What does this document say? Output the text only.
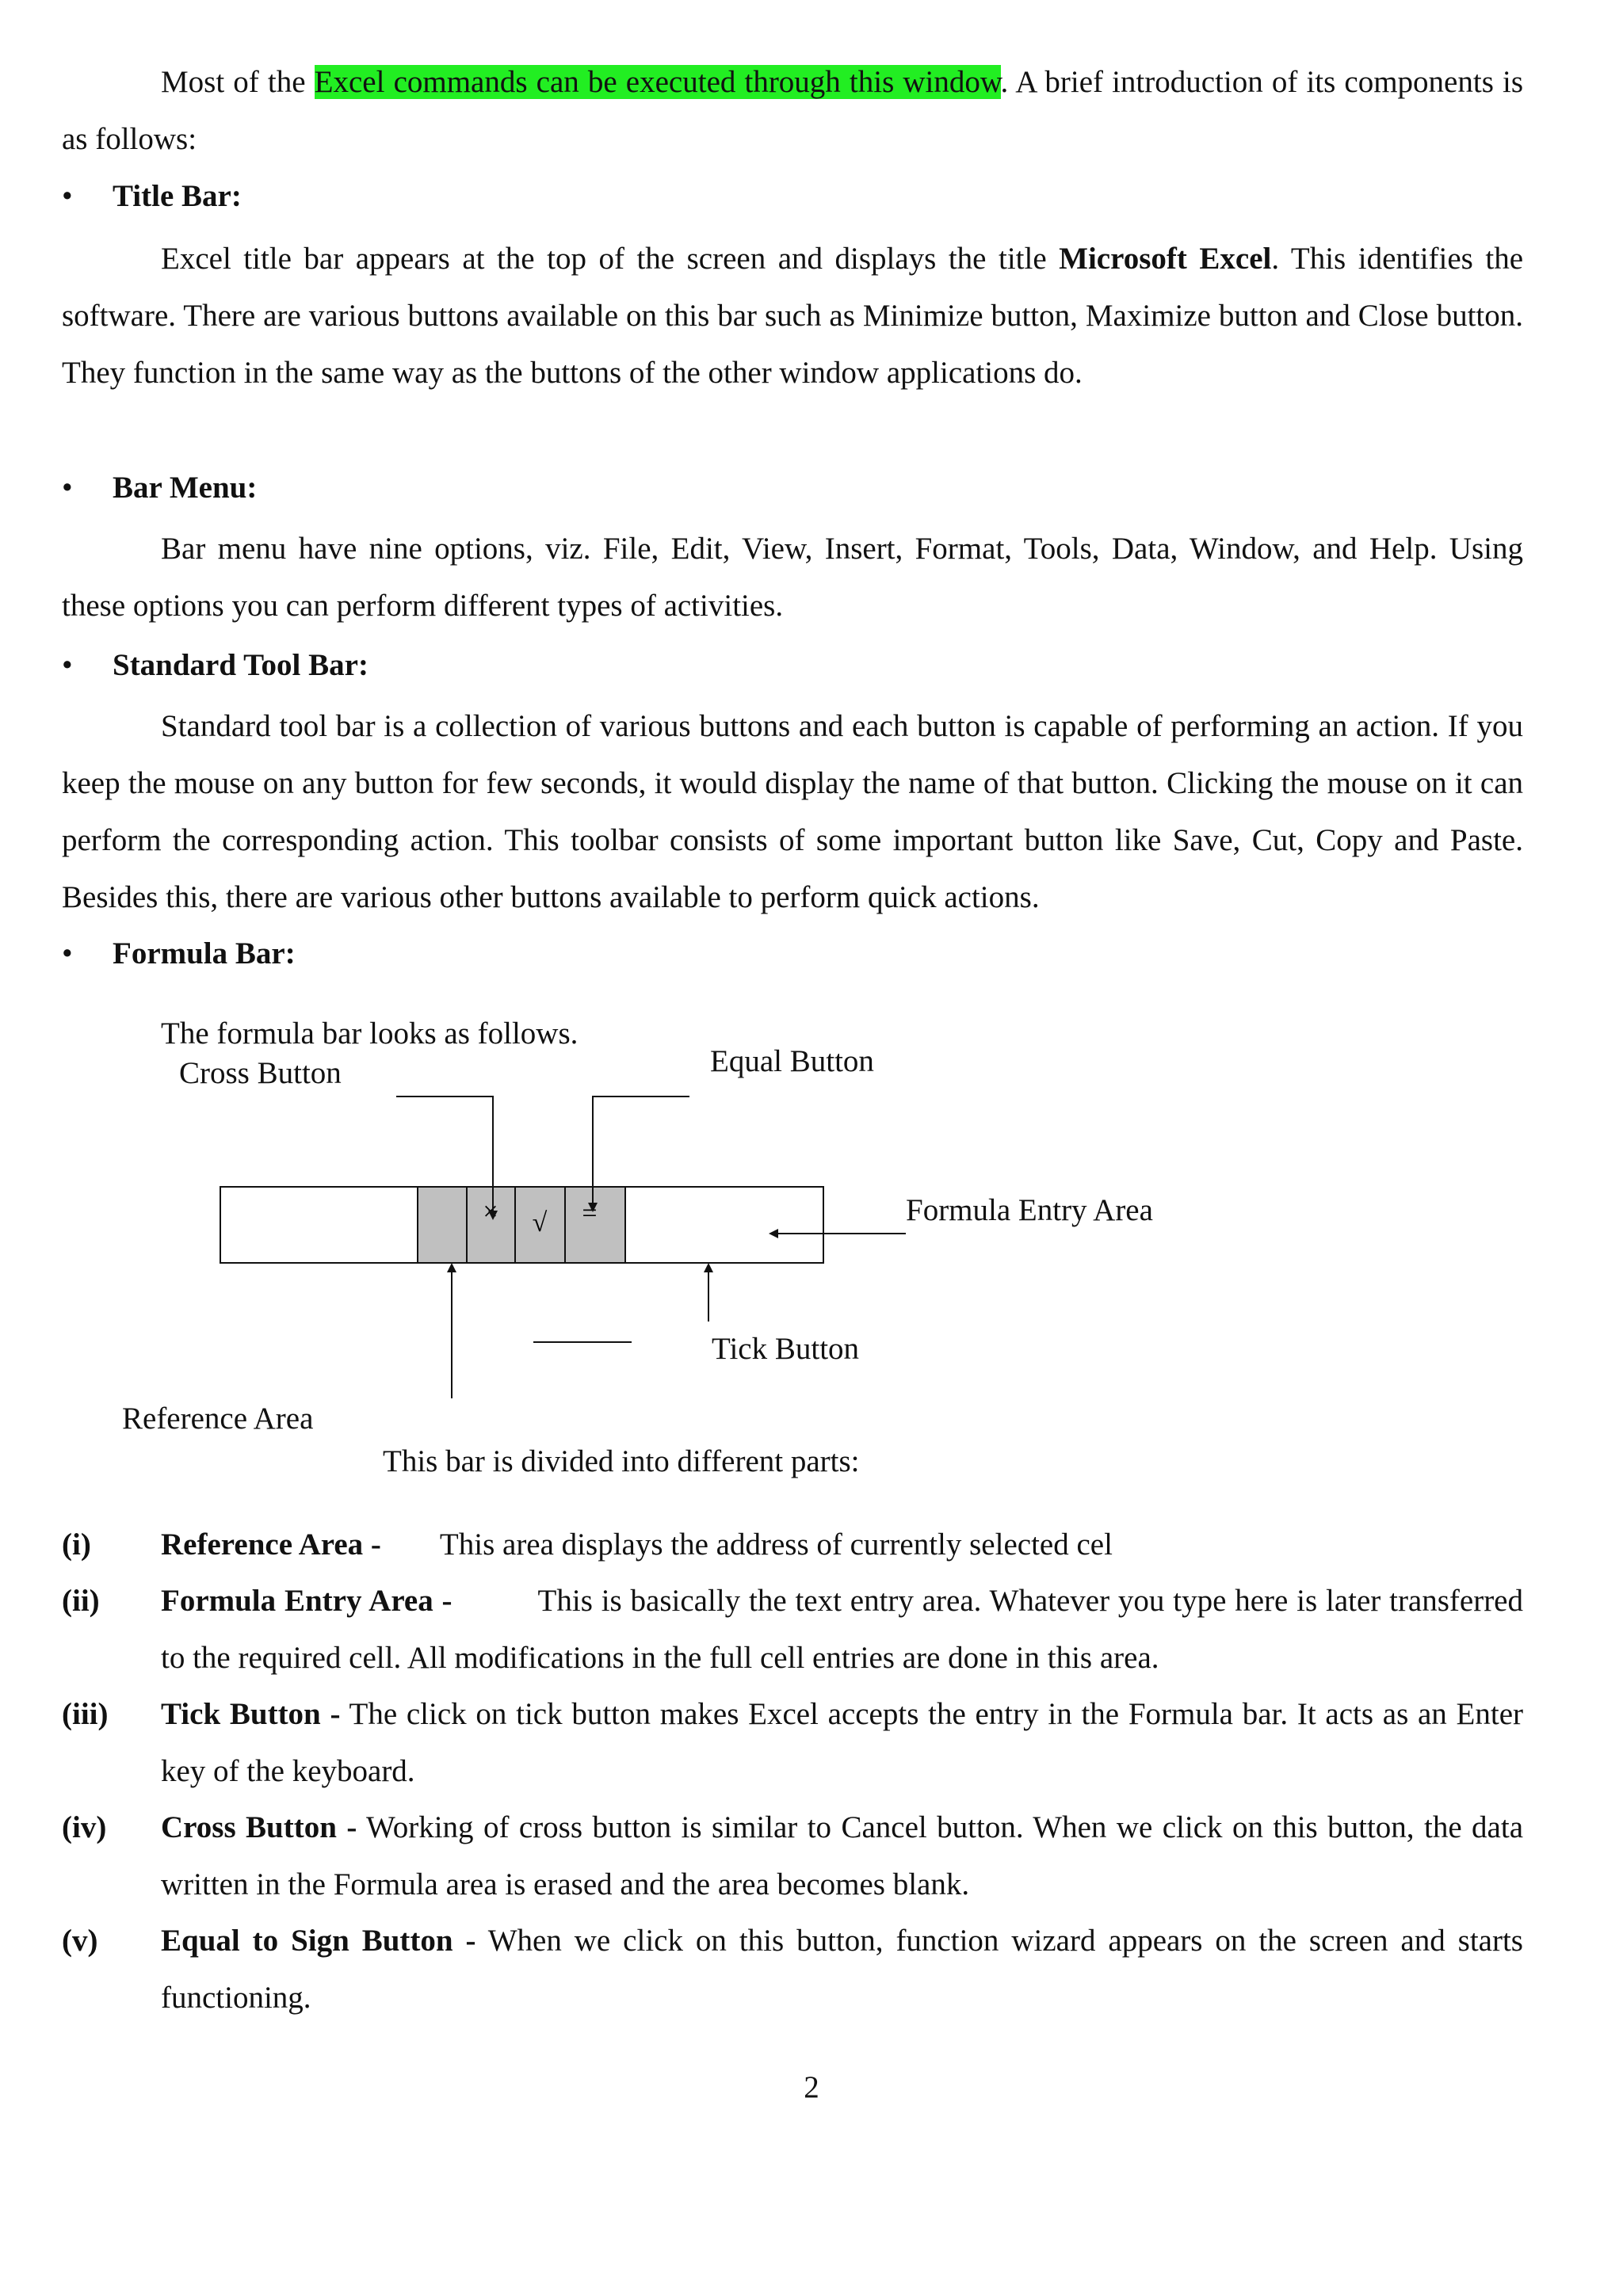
Most of the Excel commands can be executed through this window. A brief introduction of its components is as follows:

• Title Bar:

Excel title bar appears at the top of the screen and displays the title Microsoft Excel. This identifies the software. There are various buttons available on this bar such as Minimize button, Maximize button and Close button. They function in the same way as the buttons of the other window applications do.

• Bar Menu:

Bar menu have nine options, viz. File, Edit, View, Insert, Format, Tools, Data, Window, and Help. Using these options you can perform different types of activities.

• Standard Tool Bar:

Standard tool bar is a collection of various buttons and each button is capable of performing an action. If you keep the mouse on any button for few seconds, it would display the name of that button. Clicking the mouse on it can perform the corresponding action. This toolbar consists of some important button like Save, Cut, Copy and Paste. Besides this, there are various other buttons available to perform quick actions.

• Formula Bar:
The formula bar looks as follows.
Cross Button	Equal Button
Formula Entry Area
Tick Button
Reference Area
This bar is divided into different parts:
× √ =
(i) Reference Area - This area displays the address of currently selected cel
(ii) Formula Entry Area -	This is basically the text entry area. Whatever you type here is later transferred to the required cell. All modifications in the full cell entries are done in this area.
(iii) Tick Button - The click on tick button makes Excel accepts the entry in the Formula bar. It acts as an Enter key of the keyboard.
(iv) Cross Button - Working of cross button is similar to Cancel button. When we click on this button, the data written in the Formula area is erased and the area becomes blank.
(v) Equal to Sign Button - When we click on this button, function wizard appears on the screen and starts functioning.
2
